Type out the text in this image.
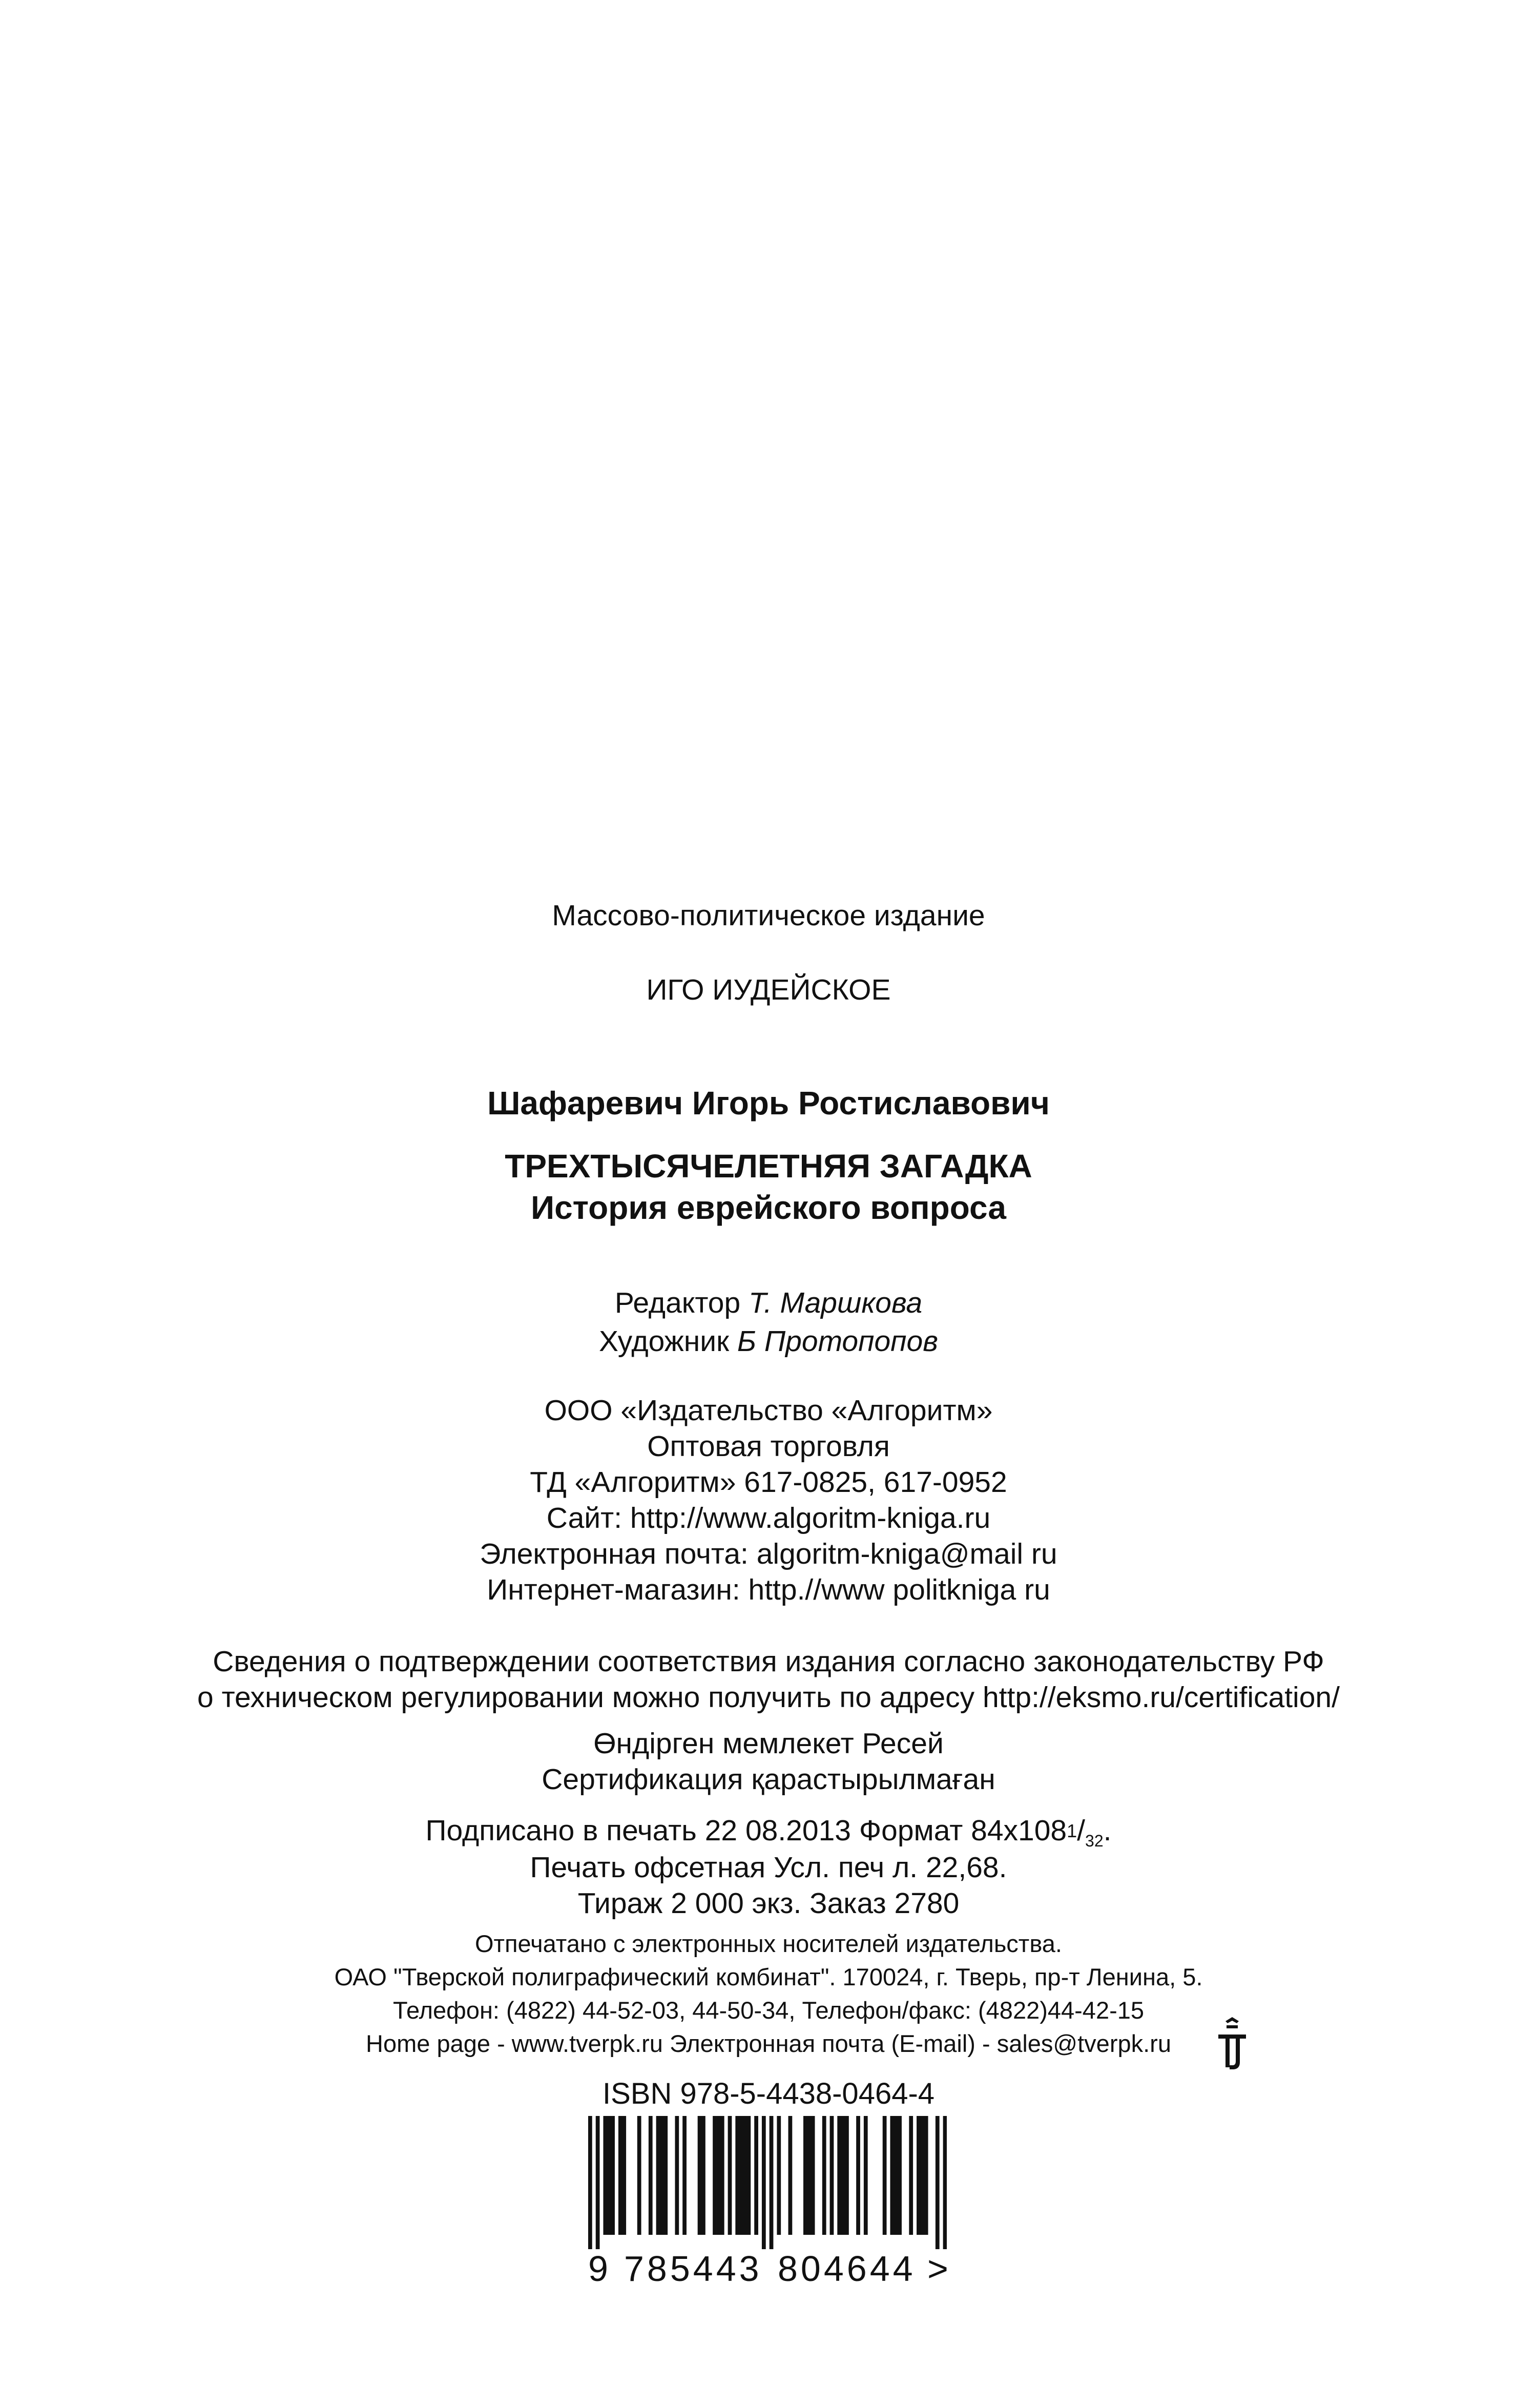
Массово-политическое издание
ИГО ИУДЕЙСКОЕ
Шафаревич Игорь Ростиславович
ТРЕХТЫСЯЧЕЛЕТНЯЯ ЗАГАДКА
История еврейского вопроса
Редактор Т. Маршкова
Художник Б Протопопов
ООО «Издательство «Алгоритм»
Оптовая торговля
ТД «Алгоритм» 617-0825, 617-0952
Сайт: http://www.algoritm-kniga.ru
Электронная почта: algoritm-kniga@mail ru
Интернет-магазин: http.//www politkniga ru
Сведения о подтверждении соответствия издания согласно законодательству РФ
о техническом регулировании можно получить по адресу http://eksmo.ru/certification/
Өндірген мемлекет Ресей
Сертификация қарастырылмаған
Подписано в печать 22 08.2013 Формат $84х108^1/_{32}$.
Печать офсетная Усл. печ л. 22,68.
Тираж 2 000 экз. Заказ 2780
Отпечатано с электронных носителей издательства.
ОАО "Тверской полиграфический комбинат". 170024, г. Тверь, пр-т Ленина, 5.
Телефон: (4822) 44-52-03, 44-50-34, Телефон/факс: (4822)44-42-15
Home page - www.tverpk.ru Электронная почта (E-mail) - sales@tverpk.ru
ISBN 978-5-4438-0464-4
9 785443 804644 >
